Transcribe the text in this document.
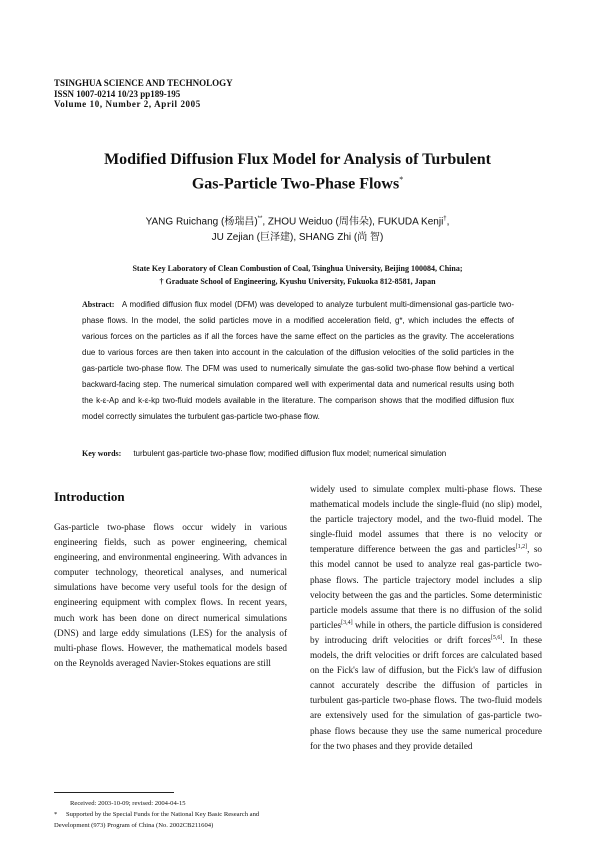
TSINGHUA SCIENCE AND TECHNOLOGY
ISSN 1007-0214 10/23 pp189-195
Volume 10, Number 2, April 2005
Modified Diffusion Flux Model for Analysis of Turbulent
Gas-Particle Two-Phase Flows*
YANG Ruichang (杨瑞昌)**, ZHOU Weiduo (周伟朵), FUKUDA Kenji†,
JU Zejian (巨泽建), SHANG Zhi (尚 智)
State Key Laboratory of Clean Combustion of Coal, Tsinghua University, Beijing 100084, China;
† Graduate School of Engineering, Kyushu University, Fukuoka 812-8581, Japan
Abstract: A modified diffusion flux model (DFM) was developed to analyze turbulent multi-dimensional gas-particle two-phase flows. In the model, the solid particles move in a modified acceleration field, g*, which includes the effects of various forces on the particles as if all the forces have the same effect on the particles as the gravity. The accelerations due to various forces are then taken into account in the calculation of the diffusion velocities of the solid particles in the gas-particle two-phase flow. The DFM was used to numerically simulate the gas-solid two-phase flow behind a vertical backward-facing step. The numerical simulation compared well with experimental data and numerical results using both the k-ε-Ap and k-ε-kp two-fluid models available in the literature. The comparison shows that the modified diffusion flux model correctly simulates the turbulent gas-particle two-phase flow.
Key words: turbulent gas-particle two-phase flow; modified diffusion flux model; numerical simulation
Introduction

Gas-particle two-phase flows occur widely in various engineering fields, such as power engineering, chemical engineering, and environmental engineering. With advances in computer technology, theoretical analyses, and numerical simulations have become very useful tools for the design of engineering equipment with complex flows. In recent years, much work has been done on direct numerical simulations (DNS) and large eddy simulations (LES) for the analysis of multi-phase flows. However, the mathematical models based on the Reynolds averaged Navier-Stokes equations are still

widely used to simulate complex multi-phase flows. These mathematical models include the single-fluid (no slip) model, the particle trajectory model, and the two-fluid model. The single-fluid model assumes that there is no velocity or temperature difference between the gas and particles[1,2], so this model cannot be used to analyze real gas-particle two-phase flows. The particle trajectory model includes a slip velocity between the gas and the particles. Some deterministic particle models assume that there is no diffusion of the solid particles[3,4] while in others, the particle diffusion is considered by introducing drift velocities or drift forces[5,6]. In these models, the drift velocities or drift forces are calculated based on the Fick's law of diffusion, but the Fick's law of diffusion cannot accurately describe the diffusion of particles in turbulent gas-particle two-phase flows. The two-fluid models are extensively used for the simulation of gas-particle two-phase flows because they use the same numerical procedure for the two phases and they provide detailed

Received: 2003-10-09; revised: 2004-04-15
* Supported by the Special Funds for the National Key Basic Research and Development (973) Program of China (No. 2002CB211604)
